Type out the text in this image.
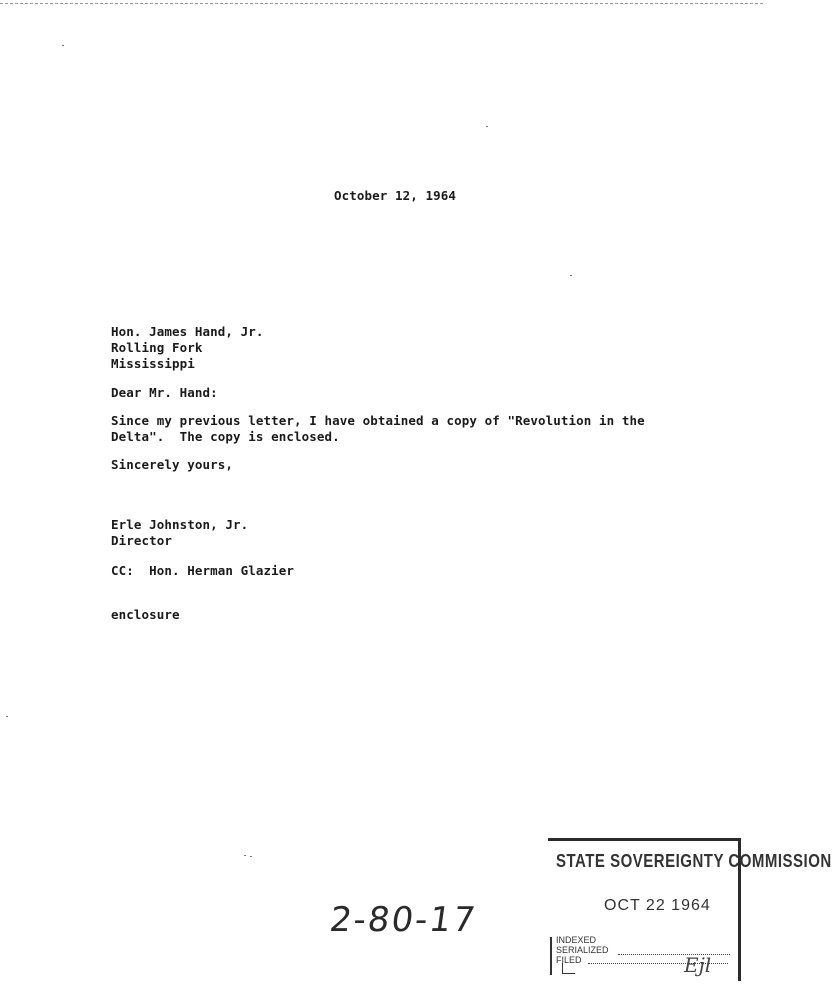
October 12, 1964
Hon. James Hand, Jr.
Rolling Fork
Mississippi
Dear Mr. Hand:
Since my previous letter, I have obtained a copy of "Revolution in the
Delta".  The copy is enclosed.
Sincerely yours,
Erle Johnston, Jr.
Director
CC:  Hon. Herman Glazier
enclosure
2-80-17
STATE SOVEREIGNTY COMMISSION
OCT 22 1964
INDEXED
SERIALIZED
FILED	Ejl
